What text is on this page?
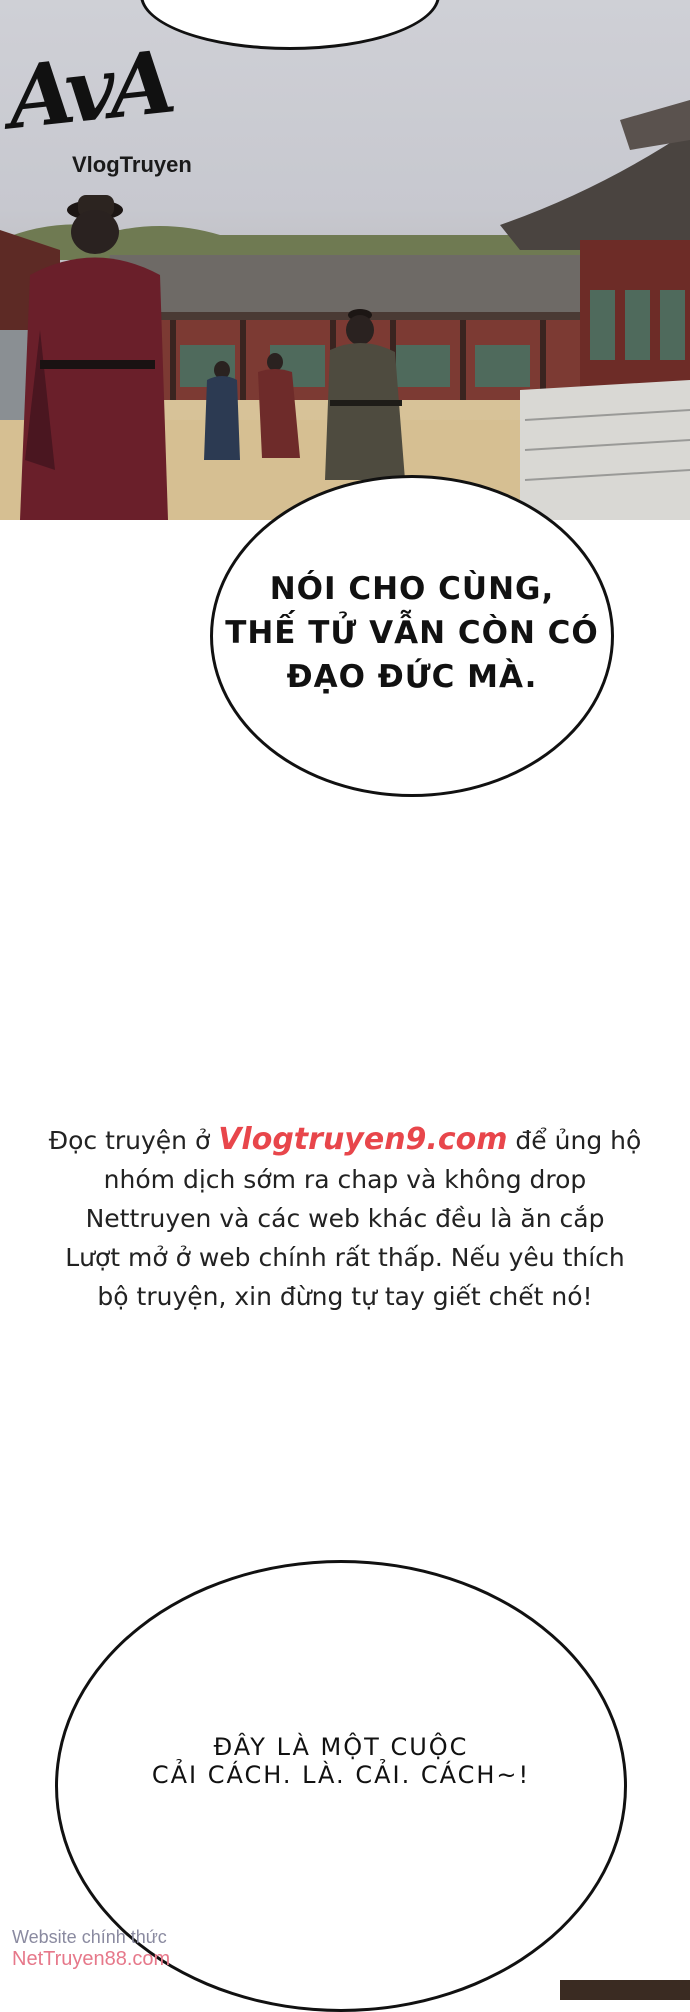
AvA
VlogTruyen
NÓI CHO CÙNG,
THẾ TỬ VẪN CÒN CÓ
ĐẠO ĐỨC MÀ.
Đọc truyện ở Vlogtruyen9.com để ủng hộ
nhóm dịch sớm ra chap và không drop
Nettruyen và các web khác đều là ăn cắp
Lượt mở ở web chính rất thấp. Nếu yêu thích
bộ truyện, xin đừng tự tay giết chết nó!
ĐÂY LÀ MỘT CUỘC
CẢI CÁCH. LÀ. CẢI. CÁCH~!
Website chính thức
NetTruyen88.com
